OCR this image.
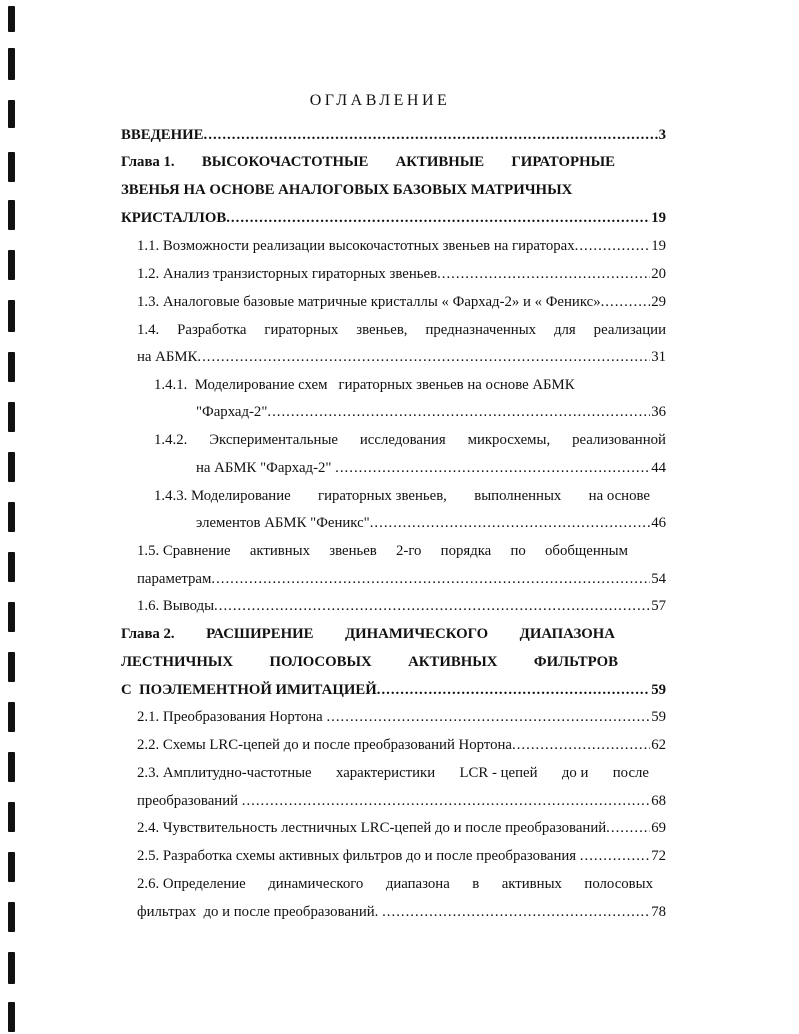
ОГЛАВЛЕНИЕ
ВВЕДЕНИЕ .....	3
Глава 1. ВЫСОКОЧАСТОТНЫЕ АКТИВНЫЕ ГИРАТОРНЫЕ
ЗВЕНЬЯ НА ОСНОВЕ АНАЛОГОВЫХ БАЗОВЫХ МАТРИЧНЫХ
КРИСТАЛЛОВ .....	19
1.1. Возможности реализации высокочастотных звеньев на гираторах .....	19
1.2. Анализ транзисторных гираторных звеньев .....	20
1.3. Аналоговые базовые матричные кристаллы « Фархад-2» и « Феникс» .....	29
1.4. Разработка гираторных звеньев, предназначенных для реализации
на АБМК .....	31
1.4.1.  Моделирование схем   гираторных звеньев на основе АБМК
"Фархад-2" .....	36
1.4.2. Экспериментальные исследования микросхемы, реализованной
на АБМК "Фархад-2" .....	44
1.4.3. Моделирование гираторных звеньев, выполненных на основе
элементов АБМК "Феникс" .....	46
1.5. Сравнение активных звеньев 2-го порядка по обобщенным
параметрам .....	54
1.6. Выводы .....	57
Глава 2. РАСШИРЕНИЕ ДИНАМИЧЕСКОГО ДИАПАЗОНА
ЛЕСТНИЧНЫХ ПОЛОСОВЫХ АКТИВНЫХ ФИЛЬТРОВ
С  ПОЭЛЕМЕНТНОЙ ИМИТАЦИЕЙ .....	59
2.1. Преобразования Нортона .....	59
2.2. Схемы LRC-цепей до и после преобразований Нортона .....	62
2.3. Амплитудно-частотные характеристики LCR - цепей до и после
преобразований .....	68
2.4. Чувствительность лестничных LRC-цепей до и после преобразований .....	69
2.5. Разработка схемы активных фильтров до и после преобразования .....	72
2.6. Определение динамического диапазона в активных полосовых
фильтрах  до и после преобразований. .....	78
